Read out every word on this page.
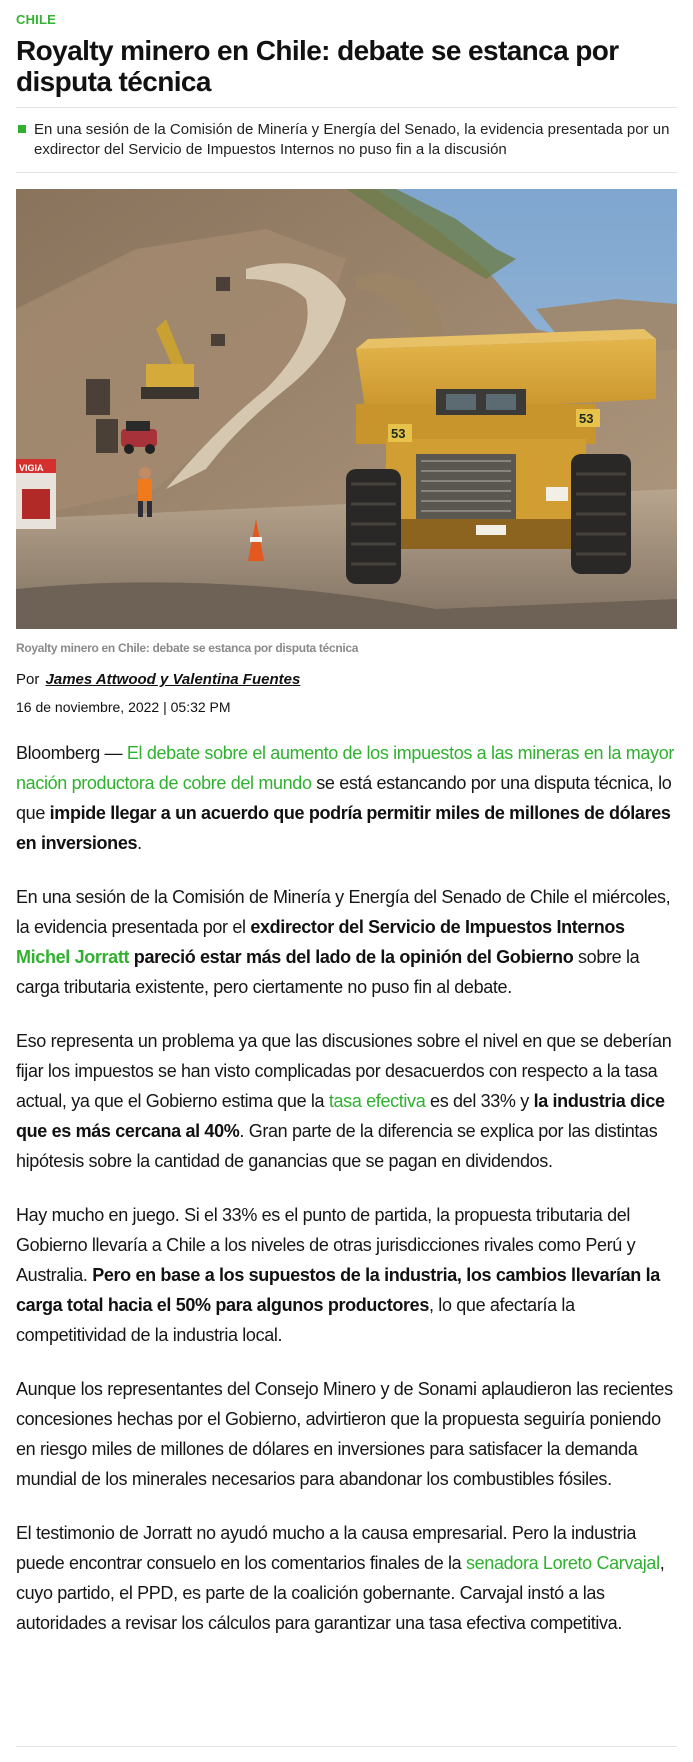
CHILE
Royalty minero en Chile: debate se estanca por disputa técnica
En una sesión de la Comisión de Minería y Energía del Senado, la evidencia presentada por un exdirector del Servicio de Impuestos Internos no puso fin a la discusión
VIGIA
53
53
Royalty minero en Chile: debate se estanca por disputa técnica
Por James Attwood y Valentina Fuentes
16 de noviembre, 2022 | 05:32 PM

Bloomberg — El debate sobre el aumento de los impuestos a las mineras en la mayor nación productora de cobre del mundo se está estancando por una disputa técnica, lo que impide llegar a un acuerdo que podría permitir miles de millones de dólares en inversiones.

En una sesión de la Comisión de Minería y Energía del Senado de Chile el miércoles, la evidencia presentada por el exdirector del Servicio de Impuestos Internos Michel Jorratt pareció estar más del lado de la opinión del Gobierno sobre la carga tributaria existente, pero ciertamente no puso fin al debate.

Eso representa un problema ya que las discusiones sobre el nivel en que se deberían fijar los impuestos se han visto complicadas por desacuerdos con respecto a la tasa actual, ya que el Gobierno estima que la tasa efectiva es del 33% y la industria dice que es más cercana al 40%. Gran parte de la diferencia se explica por las distintas hipótesis sobre la cantidad de ganancias que se pagan en dividendos.

Hay mucho en juego. Si el 33% es el punto de partida, la propuesta tributaria del Gobierno llevaría a Chile a los niveles de otras jurisdicciones rivales como Perú y Australia. Pero en base a los supuestos de la industria, los cambios llevarían la carga total hacia el 50% para algunos productores, lo que afectaría la competitividad de la industria local.

Aunque los representantes del Consejo Minero y de Sonami aplaudieron las recientes concesiones hechas por el Gobierno, advirtieron que la propuesta seguiría poniendo en riesgo miles de millones de dólares en inversiones para satisfacer la demanda mundial de los minerales necesarios para abandonar los combustibles fósiles.

El testimonio de Jorratt no ayudó mucho a la causa empresarial. Pero la industria puede encontrar consuelo en los comentarios finales de la senadora Loreto Carvajal, cuyo partido, el PPD, es parte de la coalición gobernante. Carvajal instó a las autoridades a revisar los cálculos para garantizar una tasa efectiva competitiva.
